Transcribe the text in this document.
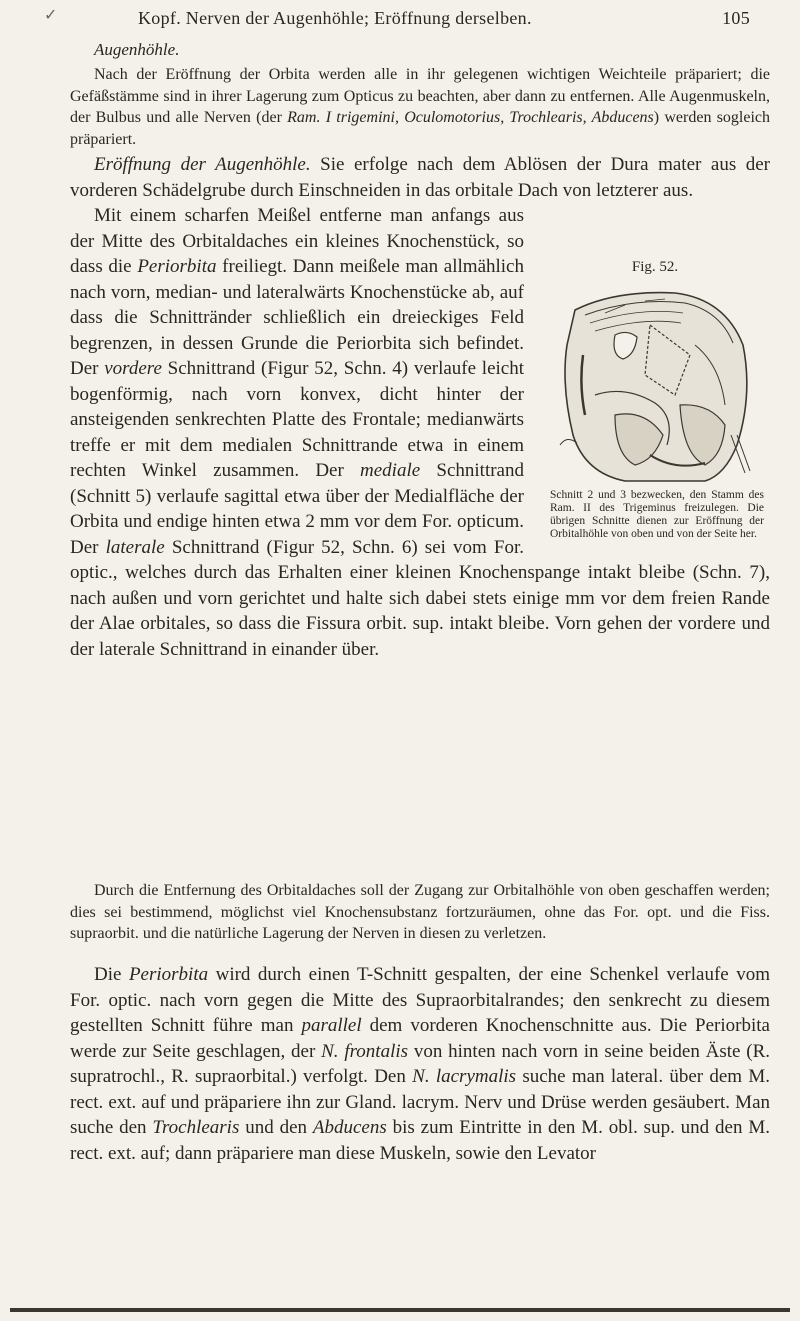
✓	Kopf. Nerven der Augenhöhle; Eröffnung derselben.	105

Augenhöhle.

Nach der Eröffnung der Orbita werden alle in ihr gelegenen wichtigen Weichteile präpariert; die Gefäßstämme sind in ihrer Lagerung zum Opticus zu beachten, aber dann zu entfernen. Alle Augenmuskeln, der Bulbus und alle Nerven (der Ram. I trigemini, Oculomotorius, Trochlearis, Abducens) werden sogleich präpariert.

Eröffnung der Augenhöhle. Sie erfolge nach dem Ablösen der Dura mater aus der vorderen Schädelgrube durch Einschneiden in das orbitale Dach von letzterer aus.

Fig. 52.
Schnitt 2 und 3 bezwecken, den Stamm des Ram. II des Trigeminus freizulegen. Die übrigen Schnitte dienen zur Eröffnung der Orbitalhöhle von oben und von der Seite her.
Mit einem scharfen Meißel entferne man anfangs aus der Mitte des Orbitaldaches ein kleines Knochenstück, so dass die Periorbita freiliegt. Dann meißele man allmählich nach vorn, median- und lateralwärts Knochenstücke ab, auf dass die Schnittränder schließlich ein dreieckiges Feld begrenzen, in dessen Grunde die Periorbita sich befindet. Der vordere Schnittrand (Figur 52, Schn. 4) verlaufe leicht bogenförmig, nach vorn konvex, dicht hinter der ansteigenden senkrechten Platte des Frontale; medianwärts treffe er mit dem medialen Schnittrande etwa in einem rechten Winkel zusammen. Der mediale Schnittrand (Schnitt 5) verlaufe sagittal etwa über der Medialfläche der Orbita und endige hinten etwa 2 mm vor dem For. opticum. Der laterale Schnittrand (Figur 52, Schn. 6) sei vom For. optic., welches durch das Erhalten einer kleinen Knochenspange intakt bleibe (Schn. 7), nach außen und vorn gerichtet und halte sich dabei stets einige mm vor dem freien Rande der Alae orbitales, so dass die Fissura orbit. sup. intakt bleibe. Vorn gehen der vordere und der laterale Schnittrand in einander über.

Durch die Entfernung des Orbitaldaches soll der Zugang zur Orbitalhöhle von oben geschaffen werden; dies sei bestimmend, möglichst viel Knochensubstanz fortzuräumen, ohne das For. opt. und die Fiss. supraorbit. und die natürliche Lagerung der Nerven in diesen zu verletzen.

Die Periorbita wird durch einen T-Schnitt gespalten, der eine Schenkel verlaufe vom For. optic. nach vorn gegen die Mitte des Supraorbitalrandes; den senkrecht zu diesem gestellten Schnitt führe man parallel dem vorderen Knochenschnitte aus. Die Periorbita werde zur Seite geschlagen, der N. frontalis von hinten nach vorn in seine beiden Äste (R. supratrochl., R. supraorbital.) verfolgt. Den N. lacrymalis suche man lateral. über dem M. rect. ext. auf und präpariere ihn zur Gland. lacrym. Nerv und Drüse werden gesäubert. Man suche den Trochlearis und den Abducens bis zum Eintritte in den M. obl. sup. und den M. rect. ext. auf; dann präpariere man diese Muskeln, sowie den Levator
